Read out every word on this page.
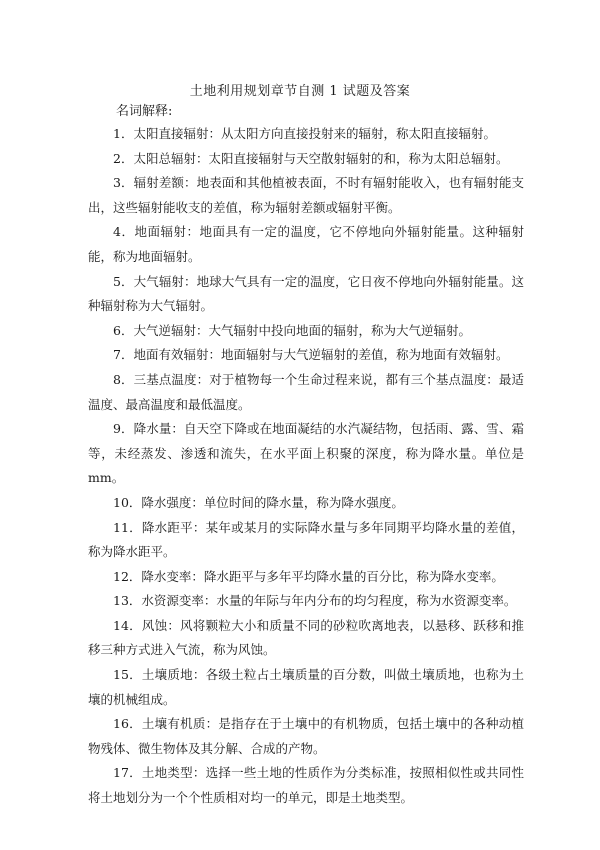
土地利用规划章节自测 1 试题及答案
名词解释:

1．太阳直接辐射：从太阳方向直接投射来的辐射，称太阳直接辐射。

2．太阳总辐射：太阳直接辐射与天空散射辐射的和，称为太阳总辐射。

3．辐射差额：地表面和其他植被表面，不时有辐射能收入，也有辐射能支出，这些辐射能收支的差值，称为辐射差额或辐射平衡。

4．地面辐射：地面具有一定的温度，它不停地向外辐射能量。这种辐射能，称为地面辐射。

5．大气辐射：地球大气具有一定的温度，它日夜不停地向外辐射能量。这种辐射称为大气辐射。

6．大气逆辐射：大气辐射中投向地面的辐射，称为大气逆辐射。

7．地面有效辐射：地面辐射与大气逆辐射的差值，称为地面有效辐射。

8．三基点温度：对于植物每一个生命过程来说，都有三个基点温度：最适温度、最高温度和最低温度。

9．降水量：自天空下降或在地面凝结的水汽凝结物，包括雨、露、雪、霜等，未经蒸发、渗透和流失，在水平面上积聚的深度，称为降水量。单位是 mm。

10．降水强度：单位时间的降水量，称为降水强度。

11．降水距平：某年或某月的实际降水量与多年同期平均降水量的差值，称为降水距平。

12．降水变率：降水距平与多年平均降水量的百分比，称为降水变率。

13．水资源变率：水量的年际与年内分布的均匀程度，称为水资源变率。

14．风蚀：风将颗粒大小和质量不同的砂粒吹离地表，以悬移、跃移和推移三种方式进入气流，称为风蚀。

15．土壤质地：各级土粒占土壤质量的百分数，叫做土壤质地，也称为土壤的机械组成。

16．土壤有机质：是指存在于土壤中的有机物质，包括土壤中的各种动植物残体、微生物体及其分解、合成的产物。

17．土地类型：选择一些土地的性质作为分类标准，按照相似性或共同性将土地划分为一个个性质相对均一的单元，即是土地类型。
